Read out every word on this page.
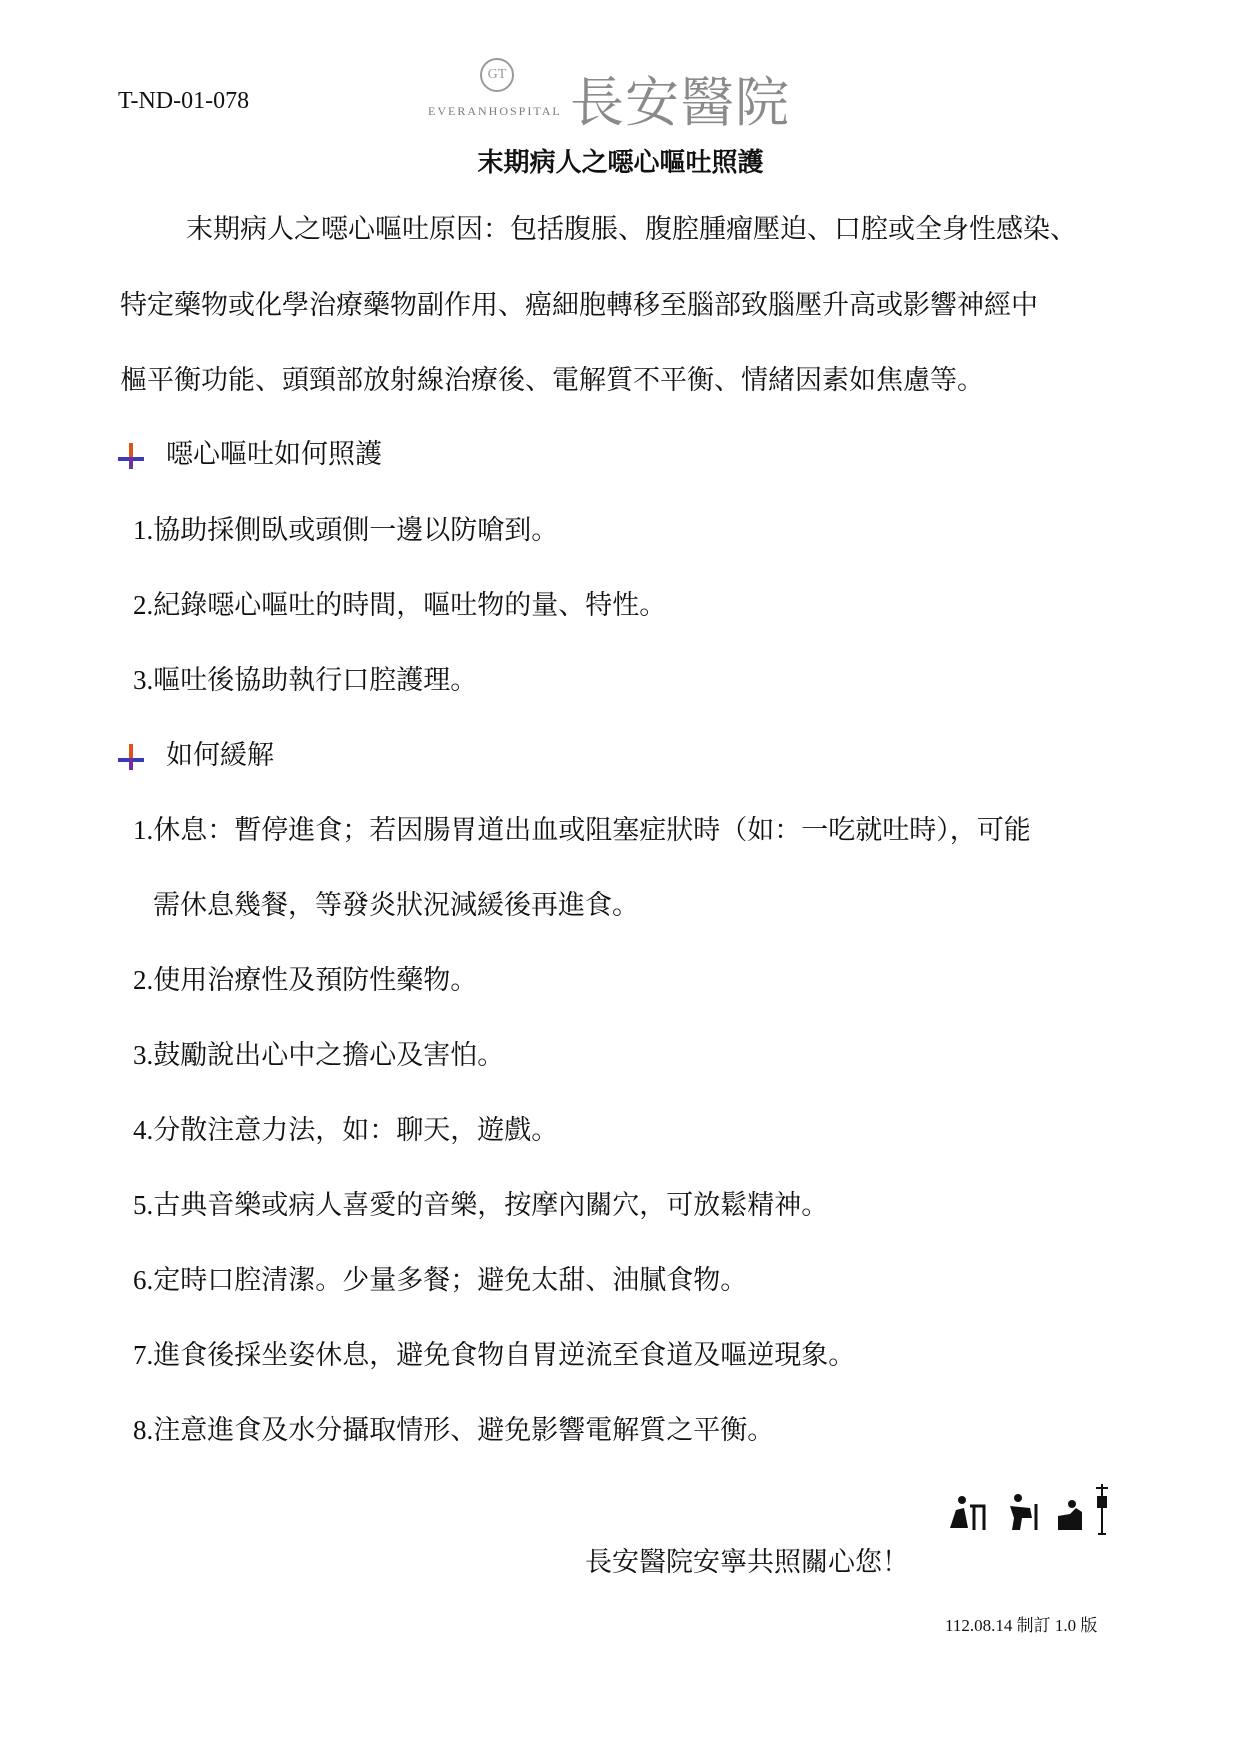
T-ND-01-078
GT
EVERANHOSPITAL 長安醫院
末期病人之噁心嘔吐照護
末期病人之噁心嘔吐原因：包括腹脹、腹腔腫瘤壓迫、口腔或全身性感染、
特定藥物或化學治療藥物副作用、癌細胞轉移至腦部致腦壓升高或影響神經中
樞平衡功能、頭頸部放射線治療後、電解質不平衡、情緒因素如焦慮等。
噁心嘔吐如何照護
1.協助採側臥或頭側一邊以防嗆到。
2.紀錄噁心嘔吐的時間，嘔吐物的量、特性。
3.嘔吐後協助執行口腔護理。
如何緩解
1.休息：暫停進食；若因腸胃道出血或阻塞症狀時（如：一吃就吐時），可能
需休息幾餐，等發炎狀況減緩後再進食。
2.使用治療性及預防性藥物。
3.鼓勵說出心中之擔心及害怕。
4.分散注意力法，如：聊天，遊戲。
5.古典音樂或病人喜愛的音樂，按摩內關穴，可放鬆精神。
6.定時口腔清潔。少量多餐；避免太甜、油膩食物。
7.進食後採坐姿休息，避免食物自胃逆流至食道及嘔逆現象。
8.注意進食及水分攝取情形、避免影響電解質之平衡。
長安醫院安寧共照關心您！
112.08.14 制訂 1.0 版
